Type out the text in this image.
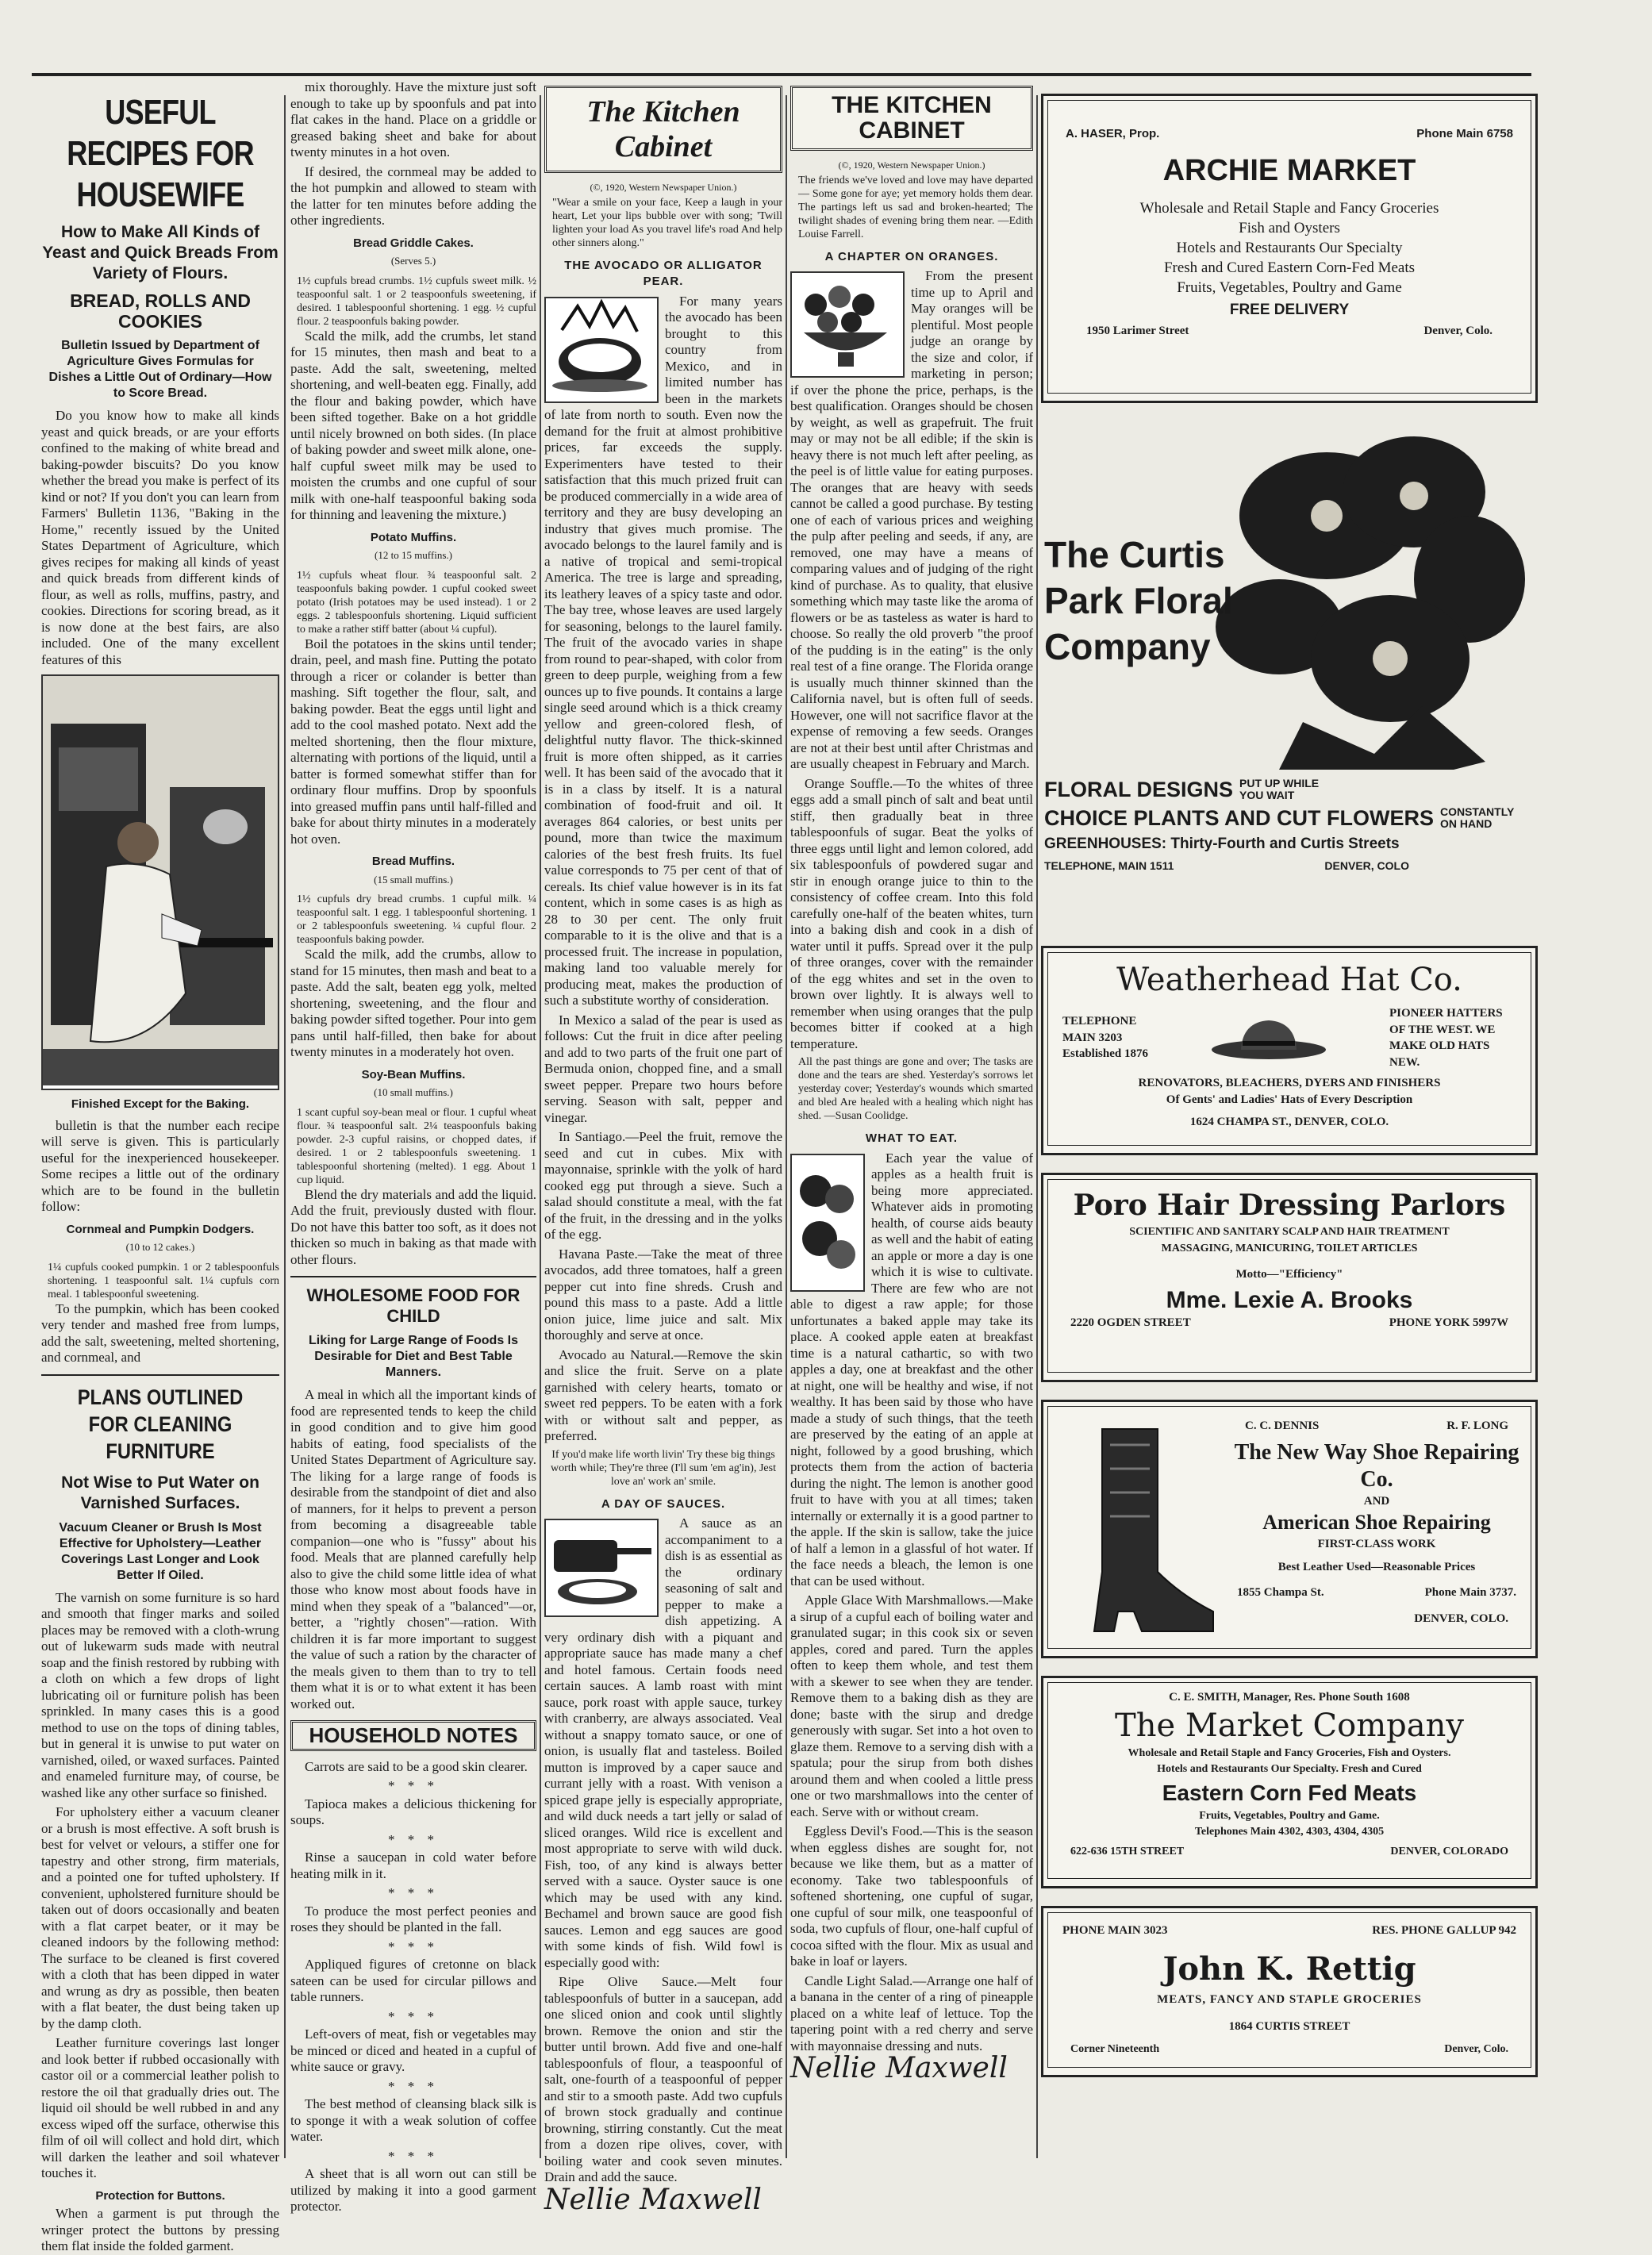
USEFUL RECIPES FOR HOUSEWIFE
How to Make All Kinds of Yeast and Quick Breads From Variety of Flours.
BREAD, ROLLS AND COOKIES
Bulletin Issued by Department of Agriculture Gives Formulas for Dishes a Little Out of Ordinary—How to Score Bread.

Do you know how to make all kinds yeast and quick breads, or are your efforts confined to the making of white bread and baking-powder biscuits? Do you know whether the bread you make is perfect of its kind or not? If you don't you can learn from Farmers' Bulletin 1136, "Baking in the Home," recently issued by the United States Department of Agriculture, which gives recipes for making all kinds of yeast and quick breads from different kinds of flour, as well as rolls, muffins, pastry, and cookies. Directions for scoring bread, as it is now done at the best fairs, are also included. One of the many excellent features of this

Finished Except for the Baking.

bulletin is that the number each recipe will serve is given. This is particularly useful for the inexperienced housekeeper. Some recipes a little out of the ordinary which are to be found in the bulletin follow:

Cornmeal and Pumpkin Dodgers.
(10 to 12 cakes.)

1¼ cupfuls cooked pumpkin. 1 or 2 tablespoonfuls shortening. 1 teaspoonful salt. 1¼ cupfuls corn meal. 1 tablespoonful sweetening.

To the pumpkin, which has been cooked very tender and mashed free from lumps, add the salt, sweetening, melted shortening, and cornmeal, and

PLANS OUTLINED FOR CLEANING FURNITURE
Not Wise to Put Water on Varnished Surfaces.
Vacuum Cleaner or Brush Is Most Effective for Upholstery—Leather Coverings Last Longer and Look Better If Oiled.

The varnish on some furniture is so hard and smooth that finger marks and soiled places may be removed with a cloth-wrung out of lukewarm suds made with neutral soap and the finish restored by rubbing with a cloth on which a few drops of light lubricating oil or furniture polish has been sprinkled. In many cases this is a good method to use on the tops of dining tables, but in general it is unwise to put water on varnished, oiled, or waxed surfaces. Painted and enameled furniture may, of course, be washed like any other surface so finished.

For upholstery either a vacuum cleaner or a brush is most effective. A soft brush is best for velvet or velours, a stiffer one for tapestry and other strong, firm materials, and a pointed one for tufted upholstery. If convenient, upholstered furniture should be taken out of doors occasionally and beaten with a flat carpet beater, or it may be cleaned indoors by the following method: The surface to be cleaned is first covered with a cloth that has been dipped in water and wrung as dry as possible, then beaten with a flat beater, the dust being taken up by the damp cloth.

Leather furniture coverings last longer and look better if rubbed occasionally with castor oil or a commercial leather polish to restore the oil that gradually dries out. The liquid oil should be well rubbed in and any excess wiped off the surface, otherwise this film of oil will collect and hold dirt, which will darken the leather and soil whatever touches it.

Protection for Buttons.

When a garment is put through the wringer protect the buttons by pressing them flat inside the folded garment.

mix thoroughly. Have the mixture just soft enough to take up by spoonfuls and pat into flat cakes in the hand. Place on a griddle or greased baking sheet and bake for about twenty minutes in a hot oven.

If desired, the cornmeal may be added to the hot pumpkin and allowed to steam with the latter for ten minutes before adding the other ingredients.

Bread Griddle Cakes.
(Serves 5.)

1½ cupfuls bread crumbs. 1½ cupfuls sweet milk. ½ teaspoonful salt. 1 or 2 teaspoonfuls sweetening, if desired. 1 tablespoonful shortening. 1 egg. ½ cupful flour. 2 teaspoonfuls baking powder.

Scald the milk, add the crumbs, let stand for 15 minutes, then mash and beat to a paste. Add the salt, sweetening, melted shortening, and well-beaten egg. Finally, add the flour and baking powder, which have been sifted together. Bake on a hot griddle until nicely browned on both sides. (In place of baking powder and sweet milk alone, one-half cupful sweet milk may be used to moisten the crumbs and one cupful of sour milk with one-half teaspoonful baking soda for thinning and leavening the mixture.)

Potato Muffins.
(12 to 15 muffins.)

1½ cupfuls wheat flour. ¾ teaspoonful salt. 2 teaspoonfuls baking powder. 1 cupful cooked sweet potato (Irish potatoes may be used instead). 1 or 2 eggs. 2 tablespoonfuls shortening. Liquid sufficient to make a rather stiff batter (about ¼ cupful).

Boil the potatoes in the skins until tender; drain, peel, and mash fine. Putting the potato through a ricer or colander is better than mashing. Sift together the flour, salt, and baking powder. Beat the eggs until light and add to the cool mashed potato. Next add the melted shortening, then the flour mixture, alternating with portions of the liquid, until a batter is formed somewhat stiffer than for ordinary flour muffins. Drop by spoonfuls into greased muffin pans until half-filled and bake for about thirty minutes in a moderately hot oven.

Bread Muffins.
(15 small muffins.)

1½ cupfuls dry bread crumbs. 1 cupful milk. ¼ teaspoonful salt. 1 egg. 1 tablespoonful shortening. 1 or 2 tablespoonfuls sweetening. ¼ cupful flour. 2 teaspoonfuls baking powder.

Scald the milk, add the crumbs, allow to stand for 15 minutes, then mash and beat to a paste. Add the salt, beaten egg yolk, melted shortening, sweetening, and the flour and baking powder sifted together. Pour into gem pans until half-filled, then bake for about twenty minutes in a moderately hot oven.

Soy-Bean Muffins.
(10 small muffins.)

1 scant cupful soy-bean meal or flour. 1 cupful wheat flour. ¾ teaspoonful salt. 2¼ teaspoonfuls baking powder. 2-3 cupful raisins, or chopped dates, if desired. 1 or 2 tablespoonfuls sweetening. 1 tablespoonful shortening (melted). 1 egg. About 1 cup liquid.

Blend the dry materials and add the liquid. Add the fruit, previously dusted with flour. Do not have this batter too soft, as it does not thicken so much in baking as that made with other flours.

WHOLESOME FOOD FOR CHILD
Liking for Large Range of Foods Is Desirable for Diet and Best Table Manners.

A meal in which all the important kinds of food are represented tends to keep the child in good condition and to give him good habits of eating, food specialists of the United States Department of Agriculture say. The liking for a large range of foods is desirable from the standpoint of diet and also of manners, for it helps to prevent a person from becoming a disagreeable table companion—one who is "fussy" about his food. Meals that are planned carefully help also to give the child some little idea of what those who know most about foods have in mind when they speak of a "balanced"—or, better, a "rightly chosen"—ration. With children it is far more important to suggest the value of such a ration by the character of the meals given to them than to try to tell them what it is or to what extent it has been worked out.

HOUSEHOLD NOTES

Carrots are said to be a good skin clearer.

* * *

Tapioca makes a delicious thickening for soups.

* * *

Rinse a saucepan in cold water before heating milk in it.

* * *

To produce the most perfect peonies and roses they should be planted in the fall.

* * *

Appliqued figures of cretonne on black sateen can be used for circular pillows and table runners.

* * *

Left-overs of meat, fish or vegetables may be minced or diced and heated in a cupful of white sauce or gravy.

* * *

The best method of cleansing black silk is to sponge it with a weak solution of coffee water.

* * *

A sheet that is all worn out can still be utilized by making it into a good garment protector.

The Kitchen Cabinet
(©, 1920, Western Newspaper Union.)

"Wear a smile on your face, Keep a laugh in your heart, Let your lips bubble over with song; 'Twill lighten your load As you travel life's road And help other sinners along."

THE AVOCADO OR ALLIGATOR PEAR.

For many years the avocado has been brought to this country from Mexico, and in limited number has been in the markets of late from north to south. Even now the demand for the fruit at almost prohibitive prices, far exceeds the supply. Experimenters have tested to their satisfaction that this much prized fruit can be produced commercially in a wide area of territory and they are busy developing an industry that gives much promise. The avocado belongs to the laurel family and is a native of tropical and semi-tropical America. The tree is large and spreading, its leathery leaves of a spicy taste and odor. The bay tree, whose leaves are used largely for seasoning, belongs to the laurel family. The fruit of the avocado varies in shape from round to pear-shaped, with color from green to deep purple, weighing from a few ounces up to five pounds. It contains a large single seed around which is a thick creamy yellow and green-colored flesh, of delightful nutty flavor. The thick-skinned fruit is more often shipped, as it carries well. It has been said of the avocado that it is in a class by itself. It is a natural combination of food-fruit and oil. It averages 864 calories, or best units per pound, more than twice the maximum calories of the best fresh fruits. Its fuel value corresponds to 75 per cent of that of cereals. Its chief value however is in its fat content, which in some cases is as high as 28 to 30 per cent. The only fruit comparable to it is the olive and that is a processed fruit. The increase in population, making land too valuable merely for producing meat, makes the production of such a substitute worthy of consideration.

In Mexico a salad of the pear is used as follows: Cut the fruit in dice after peeling and add to two parts of the fruit one part of Bermuda onion, chopped fine, and a small sweet pepper. Prepare two hours before serving. Season with salt, pepper and vinegar.

In Santiago.—Peel the fruit, remove the seed and cut in cubes. Mix with mayonnaise, sprinkle with the yolk of hard cooked egg put through a sieve. Such a salad should constitute a meal, with the fat of the fruit, in the dressing and in the yolks of the egg.

Havana Paste.—Take the meat of three avocados, add three tomatoes, half a green pepper cut into fine shreds. Crush and pound this mass to a paste. Add a little onion juice, lime juice and salt. Mix thoroughly and serve at once.

Avocado au Natural.—Remove the skin and slice the fruit. Serve on a plate garnished with celery hearts, tomato or sweet red peppers. To be eaten with a fork with or without salt and pepper, as preferred.

If you'd make life worth livin' Try these big things worth while; They're three (I'll sum 'em ag'in), Jest love an' work an' smile.

A DAY OF SAUCES.

A sauce as an accompaniment to a dish is as essential as the ordinary seasoning of salt and pepper to make a dish appetizing. A very ordinary dish with a piquant and appropriate sauce has made many a chef and hotel famous. Certain foods need certain sauces. A lamb roast with mint sauce, pork roast with apple sauce, turkey with cranberry, are always associated. Veal without a snappy tomato sauce, or one of onion, is usually flat and tasteless. Boiled mutton is improved by a caper sauce and currant jelly with a roast. With venison a spiced grape jelly is especially appropriate, and wild duck needs a tart jelly or salad of sliced oranges. Wild rice is excellent and most appropriate to serve with wild duck. Fish, too, of any kind is always better served with a sauce. Oyster sauce is one which may be used with any kind. Bechamel and brown sauce are good fish sauces. Lemon and egg sauces are good with some kinds of fish. Wild fowl is especially good with:

Ripe Olive Sauce.—Melt four tablespoonfuls of butter in a saucepan, add one sliced onion and cook until slightly brown. Remove the onion and stir the butter until brown. Add five and one-half tablespoonfuls of flour, a teaspoonful of salt, one-fourth of a teaspoonful of pepper and stir to a smooth paste. Add two cupfuls of brown stock gradually and continue browning, stirring constantly. Cut the meat from a dozen ripe olives, cover, with boiling water and cook seven minutes. Drain and add the sauce.

Nellie Maxwell
THE KITCHEN CABINET
(©, 1920, Western Newspaper Union.)

The friends we've loved and love may have departed— Some gone for aye; yet memory holds them dear. The partings left us sad and broken-hearted; The twilight shades of evening bring them near. —Edith Louise Farrell.

A CHAPTER ON ORANGES.

From the present time up to April and May oranges will be plentiful. Most people judge an orange by the size and color, if marketing in person; if over the phone the price, perhaps, is the best qualification. Oranges should be chosen by weight, as well as grapefruit. The fruit may or may not be all edible; if the skin is heavy there is not much left after peeling, as the peel is of little value for eating purposes. The oranges that are heavy with seeds cannot be called a good purchase. By testing one of each of various prices and weighing the pulp after peeling and seeds, if any, are removed, one may have a means of comparing values and of judging of the right kind of purchase. As to quality, that elusive something which may taste like the aroma of flowers or be as tasteless as water is hard to choose. So really the old proverb "the proof of the pudding is in the eating" is the only real test of a fine orange. The Florida orange is usually much thinner skinned than the California navel, but is often full of seeds. However, one will not sacrifice flavor at the expense of removing a few seeds. Oranges are not at their best until after Christmas and are usually cheapest in February and March.

Orange Souffle.—To the whites of three eggs add a small pinch of salt and beat until stiff, then gradually beat in three tablespoonfuls of sugar. Beat the yolks of three eggs until light and lemon colored, add six tablespoonfuls of powdered sugar and stir in enough orange juice to thin to the consistency of coffee cream. Into this fold carefully one-half of the beaten whites, turn into a baking dish and cook in a dish of water until it puffs. Spread over it the pulp of three oranges, cover with the remainder of the egg whites and set in the oven to brown over lightly. It is always well to remember when using oranges that the pulp becomes bitter if cooked at a high temperature.

All the past things are gone and over; The tasks are done and the tears are shed. Yesterday's sorrows let yesterday cover; Yesterday's wounds which smarted and bled Are healed with a healing which night has shed. —Susan Coolidge.

WHAT TO EAT.

Each year the value of apples as a health fruit is being more appreciated. Whatever aids in promoting health, of course aids beauty as well and the habit of eating an apple or more a day is one which it is wise to cultivate. There are few who are not able to digest a raw apple; for those unfortunates a baked apple may take its place. A cooked apple eaten at breakfast time is a natural cathartic, so with two apples a day, one at breakfast and the other at night, one will be healthy and wise, if not wealthy. It has been said by those who have made a study of such things, that the teeth are preserved by the eating of an apple at night, followed by a good brushing, which protects them from the action of bacteria during the night. The lemon is another good fruit to have with you at all times; taken internally or externally it is a good partner to the apple. If the skin is sallow, take the juice of half a lemon in a glassful of hot water. If the face needs a bleach, the lemon is one that can be used without.

Apple Glace With Marshmallows.—Make a sirup of a cupful each of boiling water and granulated sugar; in this cook six or seven apples, cored and pared. Turn the apples often to keep them whole, and test them with a skewer to see when they are tender. Remove them to a baking dish as they are done; baste with the sirup and dredge generously with sugar. Set into a hot oven to glaze them. Remove to a serving dish with a spatula; pour the sirup from both dishes around them and when cooled a little press one or two marshmallows into the center of each. Serve with or without cream.

Eggless Devil's Food.—This is the season when eggless dishes are sought for, not because we like them, but as a matter of economy. Take two tablespoonfuls of softened shortening, one cupful of sugar, one cupful of sour milk, one teaspoonful of soda, two cupfuls of flour, one-half cupful of cocoa sifted with the flour. Mix as usual and bake in loaf or layers.

Candle Light Salad.—Arrange one half of a banana in the center of a ring of pineapple placed on a white leaf of lettuce. Top the tapering point with a red cherry and serve with mayonnaise dressing and nuts.

Nellie Maxwell
A. HASER, Prop.	Phone Main 6758
ARCHIE MARKET
Wholesale and Retail Staple and Fancy Groceries
Fish and Oysters
Hotels and Restaurants Our Specialty
Fresh and Cured Eastern Corn-Fed Meats
Fruits, Vegetables, Poultry and Game
FREE DELIVERY
1950 Larimer Street	Denver, Colo.
The Curtis Park Floral Company
FLORAL DESIGNS PUT UP WHILE YOU WAIT
CHOICE PLANTS AND CUT FLOWERS CONSTANTLY ON HAND
GREENHOUSES: Thirty-Fourth and Curtis Streets
TELEPHONE, MAIN 1511	DENVER, COLO
Weatherhead Hat Co.
TELEPHONE
MAIN 3203
Established 1876
PIONEER HATTERS OF THE WEST. WE MAKE OLD HATS NEW.
RENOVATORS, BLEACHERS, DYERS AND FINISHERS
Of Gents' and Ladies' Hats of Every Description
1624 CHAMPA ST., DENVER, COLO.
Poro Hair Dressing Parlors
SCIENTIFIC AND SANITARY SCALP AND HAIR TREATMENT
MASSAGING, MANICURING, TOILET ARTICLES
Motto—"Efficiency"
Mme. Lexie A. Brooks
2220 OGDEN STREET	PHONE YORK 5997W
C. C. DENNIS	R. F. LONG
The New Way Shoe Repairing Co.
AND
American Shoe Repairing
FIRST-CLASS WORK
Best Leather Used—Reasonable Prices
1855 Champa St.	Phone Main 3737.
DENVER, COLO.
C. E. SMITH, Manager, Res. Phone South 1608
The Market Company
Wholesale and Retail Staple and Fancy Groceries, Fish and Oysters.
Hotels and Restaurants Our Specialty. Fresh and Cured
Eastern Corn Fed Meats
Fruits, Vegetables, Poultry and Game.
Telephones Main 4302, 4303, 4304, 4305
622-636 15TH STREET	DENVER, COLORADO
PHONE MAIN 3023	RES. PHONE GALLUP 942
John K. Rettig
MEATS, FANCY AND STAPLE GROCERIES
1864 CURTIS STREET
Corner Nineteenth	Denver, Colo.
